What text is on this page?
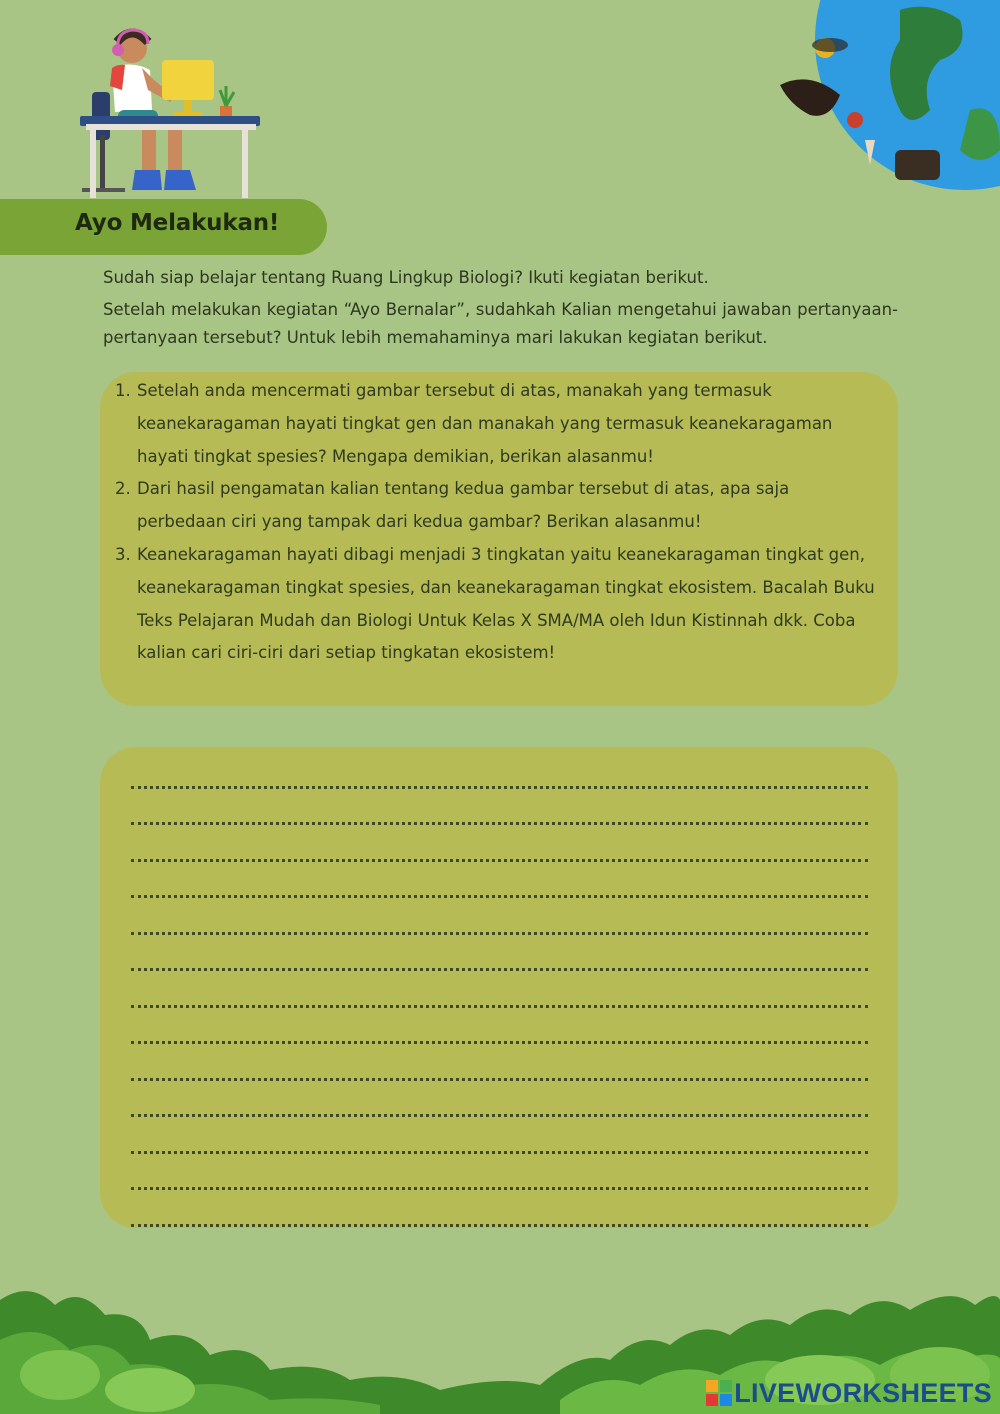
Ayo Melakukan!
Sudah siap belajar tentang Ruang Lingkup Biologi? Ikuti kegiatan berikut.
Setelah melakukan kegiatan “Ayo Bernalar”, sudahkah Kalian mengetahui jawaban pertanyaan- pertanyaan tersebut? Untuk lebih memahaminya mari lakukan kegiatan berikut.
1. Setelah anda mencermati gambar tersebut di atas, manakah yang termasuk keanekaragaman hayati tingkat gen dan manakah yang termasuk keanekaragaman hayati tingkat spesies? Mengapa demikian, berikan alasanmu!
2. Dari hasil pengamatan kalian tentang kedua gambar tersebut di atas, apa saja perbedaan ciri yang tampak dari kedua gambar? Berikan alasanmu!
3. Keanekaragaman hayati dibagi menjadi 3 tingkatan yaitu keanekaragaman tingkat gen, keanekaragaman tingkat spesies, dan keanekaragaman tingkat ekosistem. Bacalah Buku Teks Pelajaran Mudah dan Biologi Untuk Kelas X SMA/MA oleh Idun Kistinnah dkk. Coba kalian cari ciri-ciri dari setiap tingkatan ekosistem!
LIVEWORKSHEETS
